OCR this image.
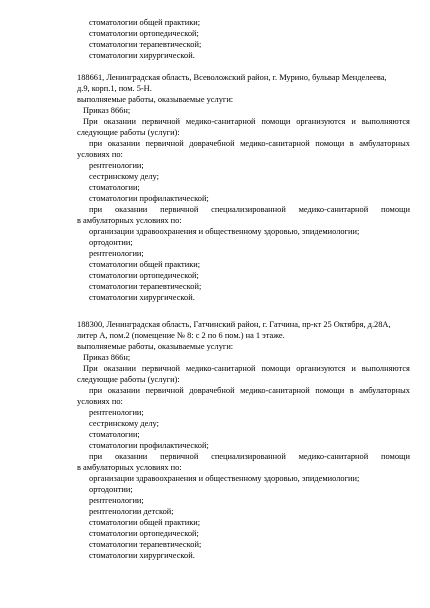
стоматологии общей практики;
стоматологии ортопедической;
стоматологии терапевтической;
стоматологии хирургической.
188661, Ленинградская область, Всеволожский район, г. Мурино, бульвар Менделеева,
д.9, корп.1, пом. 5-Н.
выполняемые работы, оказываемые услуги:
Приказ 866н;
При оказании первичной медико-санитарной помощи организуются и выполняются
следующие работы (услуги):
при оказании первичной доврачебной медико-санитарной помощи в амбулаторных
условиях по:
рентгенологии;
сестринскому делу;
стоматологии;
стоматологии профилактической;
при оказании первичной специализированной медико-санитарной помощи
в амбулаторных условиях по:
организации здравоохранения и общественному здоровью, эпидемиологии;
ортодонтии;
рентгенологии;
стоматологии общей практики;
стоматологии ортопедической;
стоматологии терапевтической;
стоматологии хирургической.
188300, Ленинградская область, Гатчинский район, г. Гатчина, пр-кт 25 Октября, д.28А,
литер А, пом.2 (помещение № 8: с 2 по 6 пом.) на 1 этаже.
выполняемые работы, оказываемые услуги:
Приказ 866н;
При оказании первичной медико-санитарной помощи организуются и выполняются
следующие работы (услуги):
при оказании первичной доврачебной медико-санитарной помощи в амбулаторных
условиях по:
рентгенологии;
сестринскому делу;
стоматологии;
стоматологии профилактической;
при оказании первичной специализированной медико-санитарной помощи
в амбулаторных условиях по:
организации здравоохранения и общественному здоровью, эпидемиологии;
ортодонтии;
рентгенологии;
рентгенологии детской;
стоматологии общей практики;
стоматологии ортопедической;
стоматологии терапевтической;
стоматологии хирургической.
